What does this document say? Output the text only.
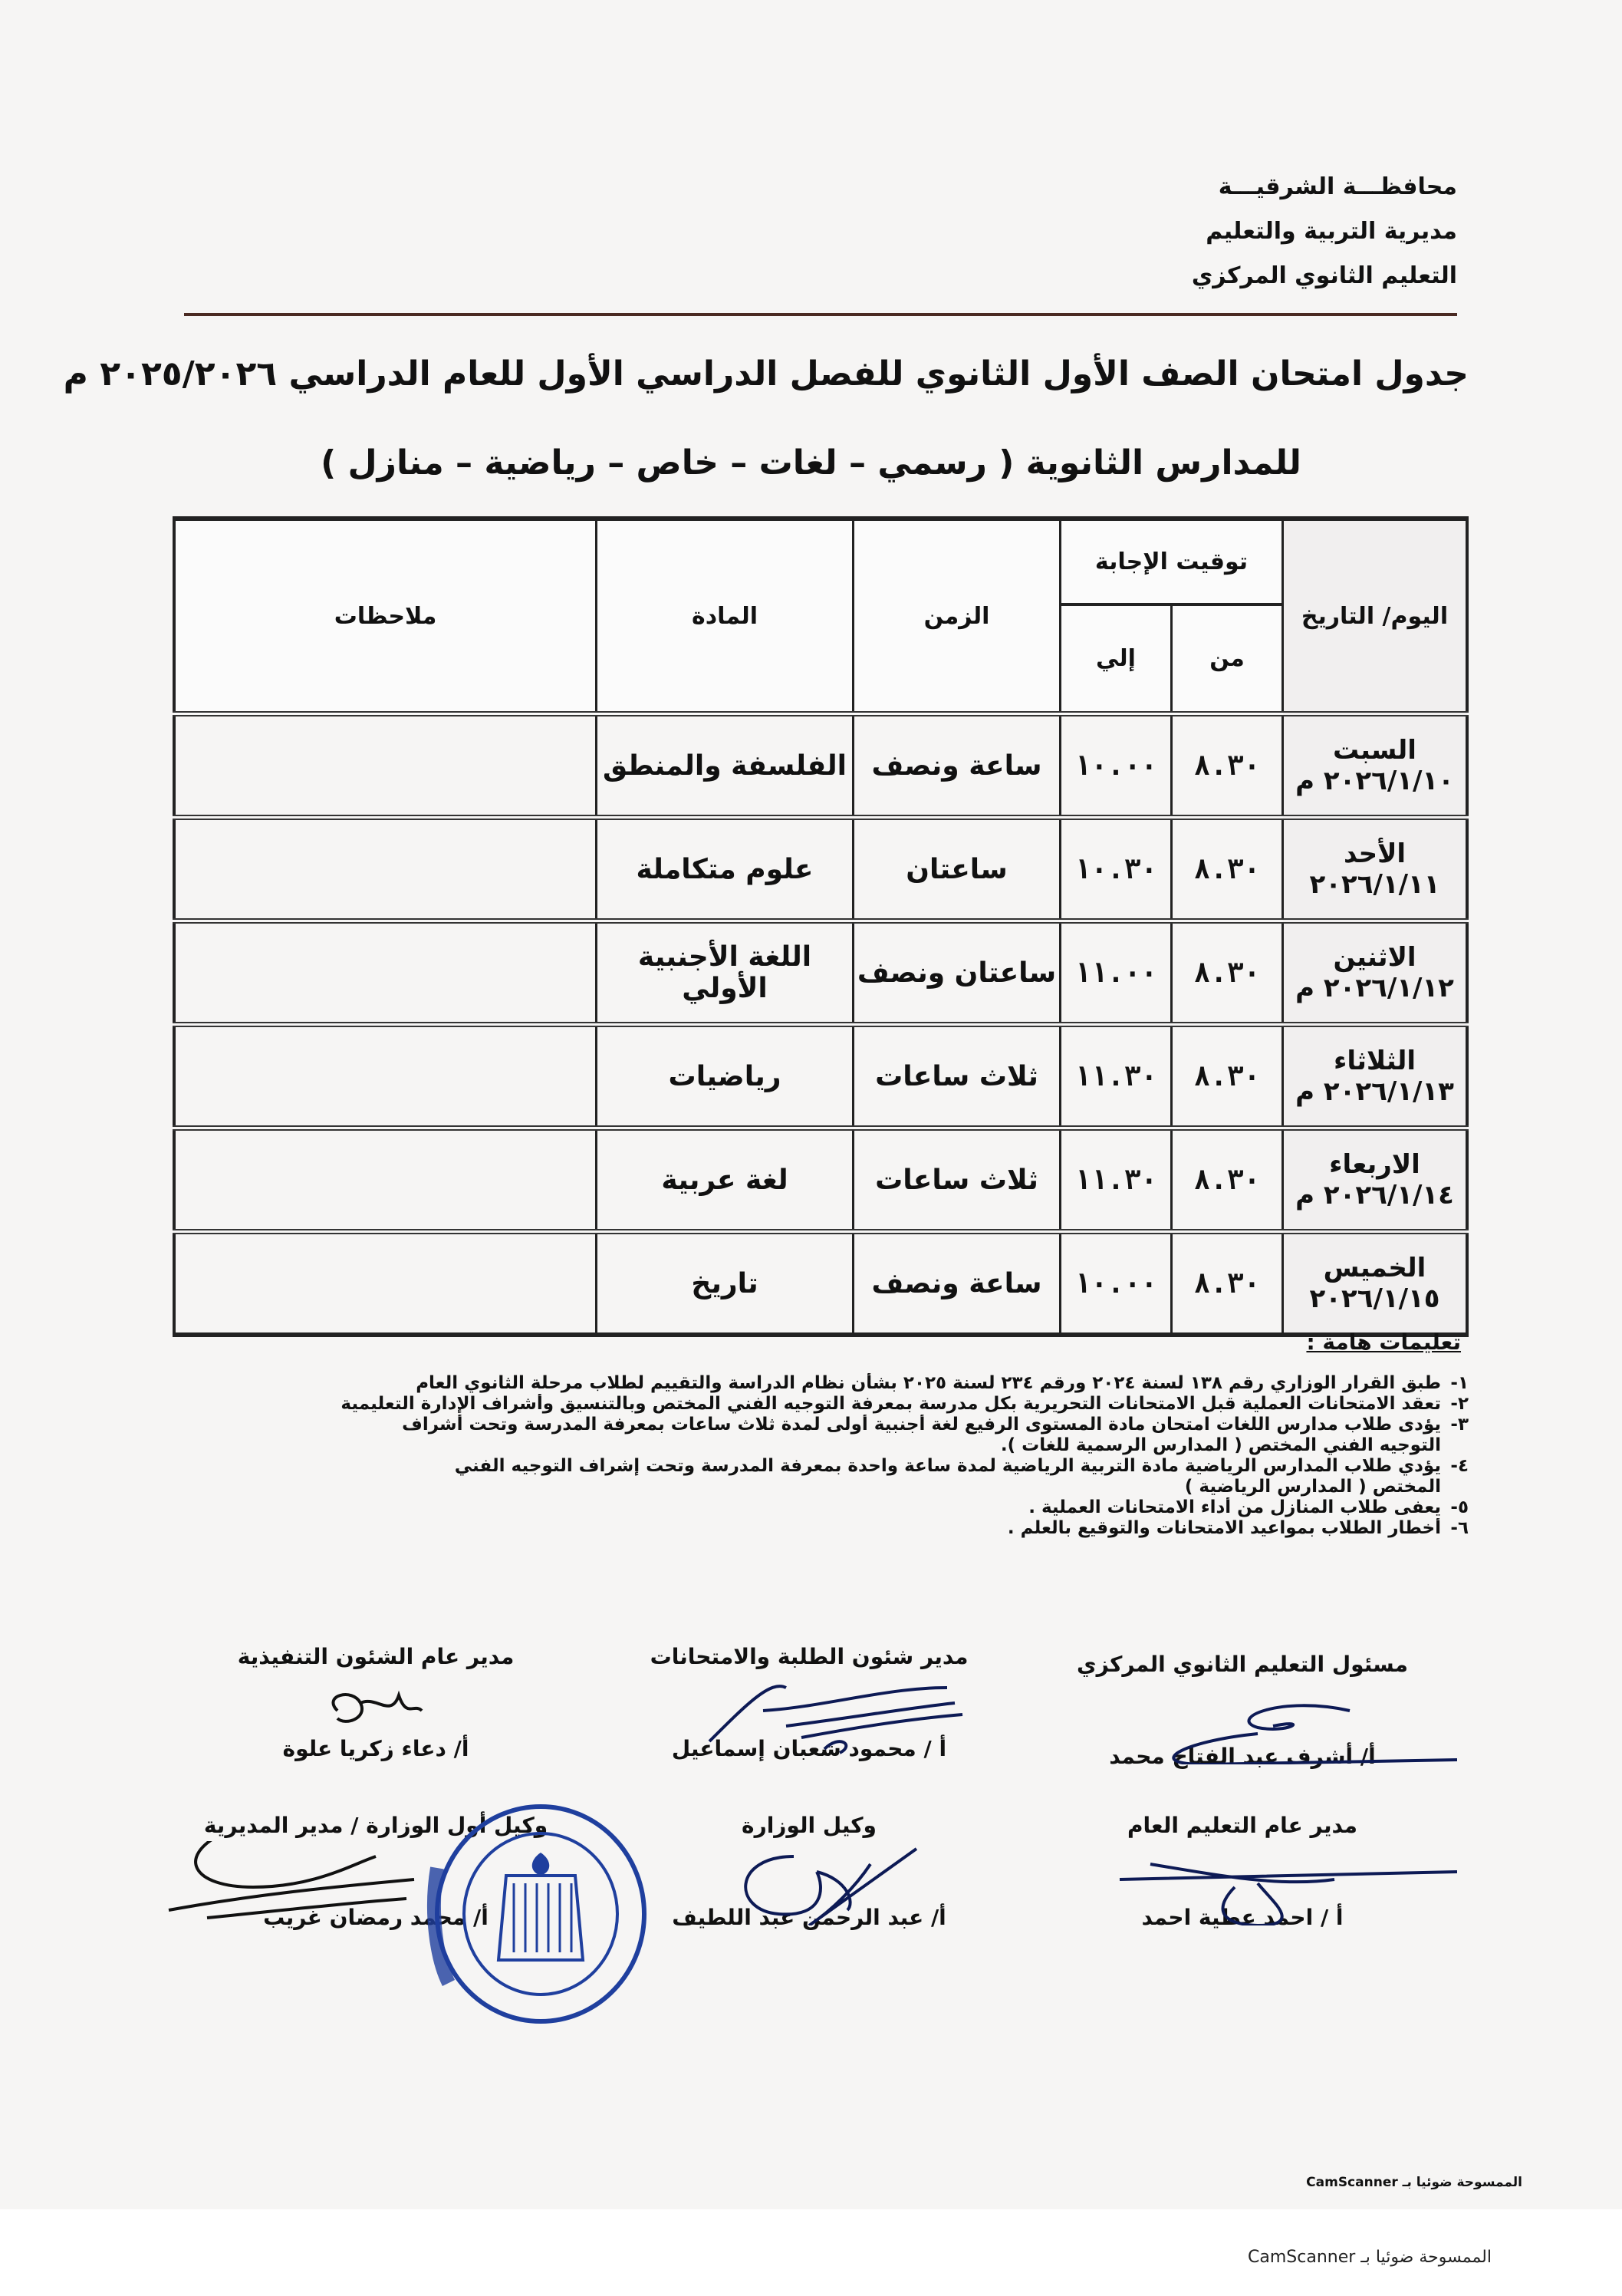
محافظـــة الشرقيـــة
مديرية التربية والتعليم
التعليم الثانوي المركزي
جدول امتحان الصف الأول الثانوي للفصل الدراسي الأول للعام الدراسي ٢٠٢٥/٢٠٢٦ م
للمدارس الثانوية ( رسمي – لغات – خاص – رياضية – منازل )
اليوم/ التاريخ	توقيت الإجابة		الزمن	المادة	ملاحظات
	من	إلي			

السبت
٢٠٢٦/١/١٠ م	٨.٣٠	١٠.٠٠	ساعة ونصف	الفلسفة والمنطق	

الأحد
٢٠٢٦/١/١١	٨.٣٠	١٠.٣٠	ساعتان	علوم متكاملة	

الاثنين
٢٠٢٦/١/١٢ م	٨.٣٠	١١.٠٠	ساعتان ونصف	اللغة الأجنبية الأولي	

الثلاثاء
٢٠٢٦/١/١٣ م	٨.٣٠	١١.٣٠	ثلاث ساعات	رياضيات	

الاربعاء
٢٠٢٦/١/١٤ م	٨.٣٠	١١.٣٠	ثلاث ساعات	لغة عربية	

الخميس
٢٠٢٦/١/١٥	٨.٣٠	١٠.٠٠	ساعة ونصف	تاريخ	
تعليمات هامة :
١-طبق القرار الوزاري رقم ١٣٨ لسنة ٢٠٢٤ ورقم ٢٣٤ لسنة ٢٠٢٥ بشأن نظام الدراسة والتقييم لطلاب مرحلة الثانوي العام
٢-تعقد الامتحانات العملية قبل الامتحانات التحريرية بكل مدرسة بمعرفة التوجيه الفني المختص وبالتنسيق وأشراف الإدارة التعليمية
٣-يؤدى طلاب مدارس اللغات امتحان مادة المستوى الرفيع لغة أجنبية أولى لمدة ثلاث ساعات بمعرفة المدرسة وتحت أشراف
التوجيه الفني المختص ( المدارس الرسمية للغات ).
٤-يؤدي طلاب المدارس الرياضية مادة التربية الرياضية لمدة ساعة واحدة بمعرفة المدرسة وتحت إشراف التوجيه الفني
المختص ( المدارس الرياضية )
٥-يعفى طلاب المنازل من أداء الامتحانات العملية .
٦-أخطار الطلاب بمواعيد الامتحانات والتوقيع بالعلم .
مسئول التعليم الثانوي المركزي
أ/ أشرف عبد الفتاح محمد
مدير شئون الطلبة والامتحانات
أ / محمود شعبان إسماعيل
مدير عام الشئون التنفيذية
أ/ دعاء زكريا علوة
مدير عام التعليم العام
أ / احمد عطية احمد
وكيل الوزارة
أ/ عبد الرحمن عبد اللطيف
وكيل أول الوزارة / مدير المديرية
أ/ محمد رمضان غريب
الممسوحة ضوئيا بـ CamScanner
الممسوحة ضوئيا بـ CamScanner
